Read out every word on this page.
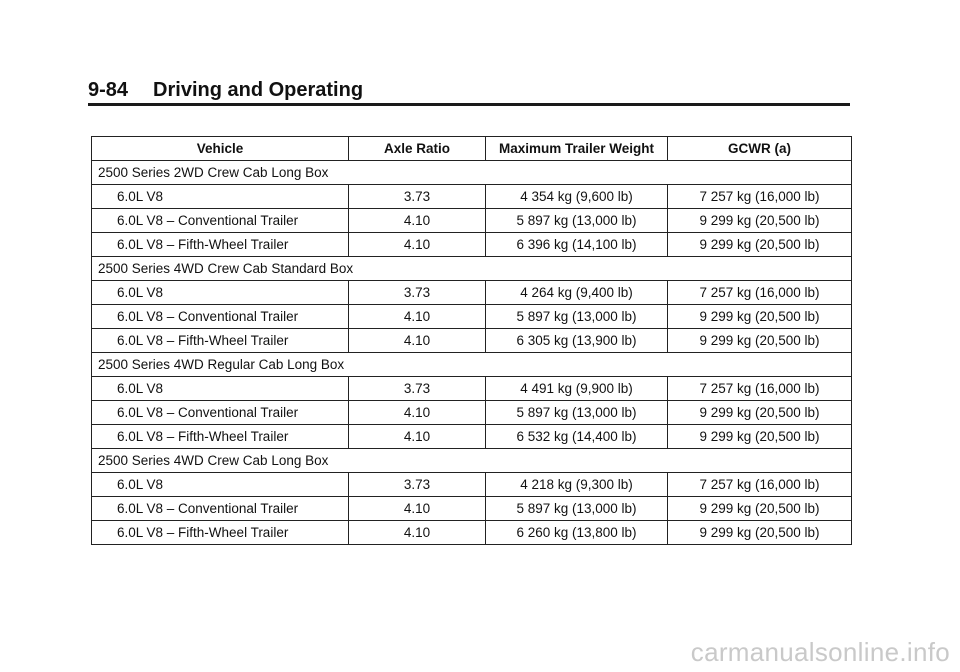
9-84 Driving and Operating
Vehicle	Axle Ratio	Maximum Trailer Weight	GCWR (a)
2500 Series 2WD Crew Cab Long Box			
6.0L V8	3.73	4 354 kg (9,600 lb)	7 257 kg (16,000 lb)
6.0L V8 – Conventional Trailer	4.10	5 897 kg (13,000 lb)	9 299 kg (20,500 lb)
6.0L V8 – Fifth-Wheel Trailer	4.10	6 396 kg (14,100 lb)	9 299 kg (20,500 lb)
2500 Series 4WD Crew Cab Standard Box			
6.0L V8	3.73	4 264 kg (9,400 lb)	7 257 kg (16,000 lb)
6.0L V8 – Conventional Trailer	4.10	5 897 kg (13,000 lb)	9 299 kg (20,500 lb)
6.0L V8 – Fifth-Wheel Trailer	4.10	6 305 kg (13,900 lb)	9 299 kg (20,500 lb)
2500 Series 4WD Regular Cab Long Box			
6.0L V8	3.73	4 491 kg (9,900 lb)	7 257 kg (16,000 lb)
6.0L V8 – Conventional Trailer	4.10	5 897 kg (13,000 lb)	9 299 kg (20,500 lb)
6.0L V8 – Fifth-Wheel Trailer	4.10	6 532 kg (14,400 lb)	9 299 kg (20,500 lb)
2500 Series 4WD Crew Cab Long Box			
6.0L V8	3.73	4 218 kg (9,300 lb)	7 257 kg (16,000 lb)
6.0L V8 – Conventional Trailer	4.10	5 897 kg (13,000 lb)	9 299 kg (20,500 lb)
6.0L V8 – Fifth-Wheel Trailer	4.10	6 260 kg (13,800 lb)	9 299 kg (20,500 lb)
carmanualsonline.info
